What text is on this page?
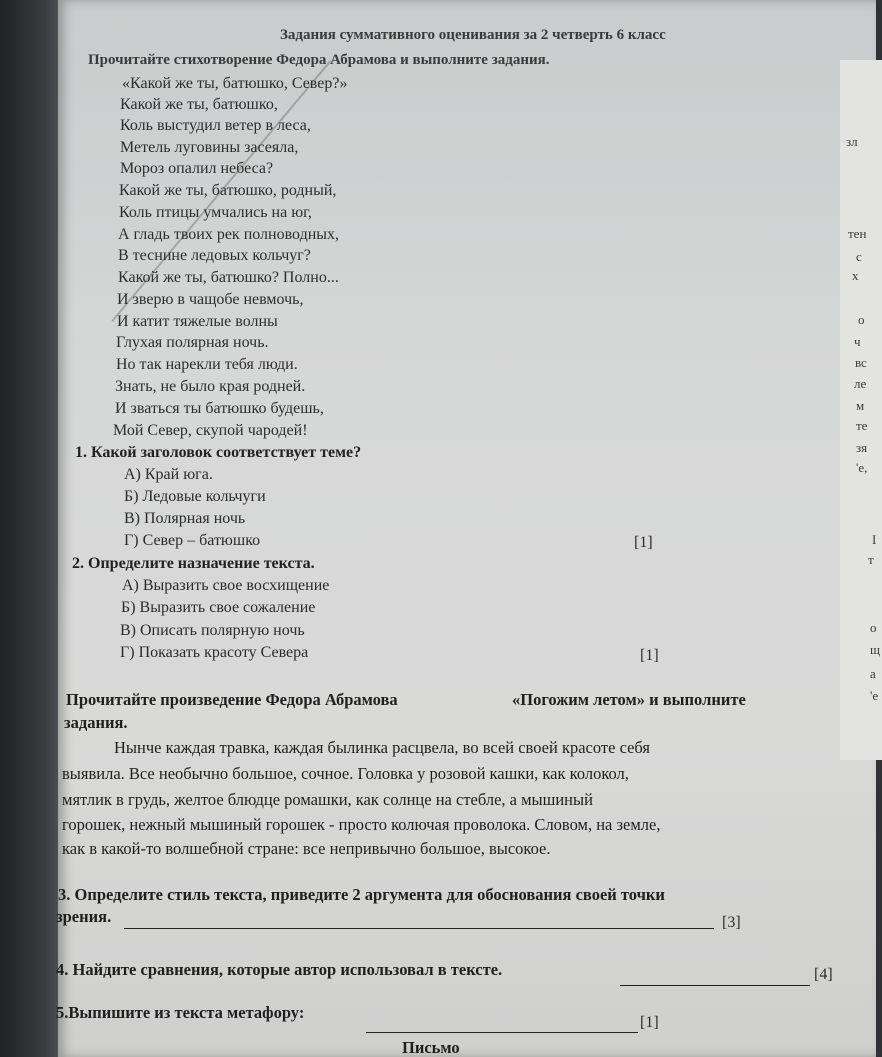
Задания суммативного оценивания за 2 четверть 6 класс
Прочитайте стихотворение Федора Абрамова и выполните задания.
«Какой же ты, батюшко, Север?»
Какой же ты, батюшко,
Коль выстудил ветер в леса,
Метель луговины засеяла,
Мороз опалил небеса?
Какой же ты, батюшко, родный,
Коль птицы умчались на юг,
А гладь твоих рек полноводных,
В теснине ледовых кольчуг?
Какой же ты, батюшко? Полно...
И зверю в чащобе невмочь,
И катит тяжелые волны
Глухая полярная ночь.
Но так нарекли тебя люди.
Знать, не было края родней.
И зваться ты батюшко будешь,
Мой Север, скупой чародей!
1. Какой заголовок соответствует теме?
А) Край юга.
Б) Ледовые кольчуги
В) Полярная ночь
Г) Север – батюшко	[1]
2. Определите назначение текста.
А) Выразить свое восхищение
Б) Выразить свое сожаление
В) Описать полярную ночь
Г) Показать красоту Севера	[1]
Прочитайте произведение Федора Абрамова	«Погожим летом» и выполните
задания.
Нынче каждая травка, каждая былинка расцвела, во всей своей красоте себя
выявила. Все необычно большое, сочное. Головка у розовой кашки, как колокол,
мятлик в грудь, желтое блюдце ромашки, как солнце на стебле, а мышиный
горошек, нежный мышиный горошек - просто колючая проволока. Словом, на земле,
как в какой-то волшебной стране: все непривычно большое, высокое.
3. Определите стиль текста, приведите 2 аргумента для обоснования своей точки
зрения.	[3]
4. Найдите сравнения, которые автор использовал в тексте.	[4]
5.Выпишите из текста метафору:
[1]
Письмо
зл
тен
с
х
о
ч
вс
ле
м
те
зя
'е,
I
т
о
щ
а
'е
